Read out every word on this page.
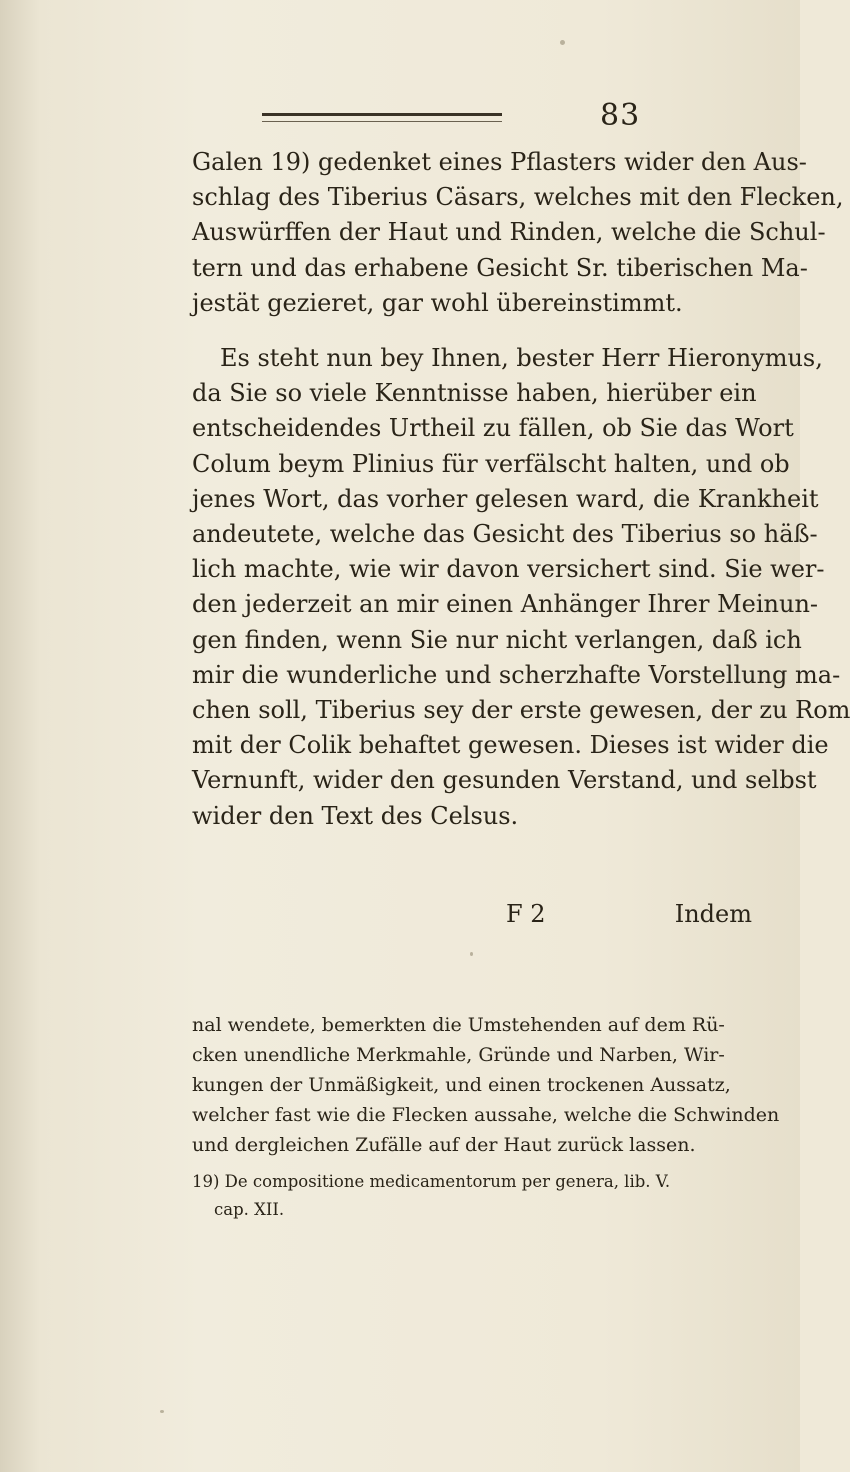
83
Galen 19) gedenket eines Pflasters wider den Aus-
schlag des Tiberius Cäsars, welches mit den Flecken,
Auswürffen der Haut und Rinden, welche die Schul-
tern und das erhabene Gesicht Sr. tiberischen Ma-
jestät gezieret, gar wohl übereinstimmt.
Es steht nun bey Ihnen, bester Herr Hieronymus,
da Sie so viele Kenntnisse haben, hierüber ein
entscheidendes Urtheil zu fällen, ob Sie das Wort
Colum beym Plinius für verfälscht halten, und ob
jenes Wort, das vorher gelesen ward, die Krankheit
andeutete, welche das Gesicht des Tiberius so häß-
lich machte, wie wir davon versichert sind. Sie wer-
den jederzeit an mir einen Anhänger Ihrer Meinun-
gen finden, wenn Sie nur nicht verlangen, daß ich
mir die wunderliche und scherzhafte Vorstellung ma-
chen soll, Tiberius sey der erste gewesen, der zu Rom
mit der Colik behaftet gewesen. Dieses ist wider die
Vernunft, wider den gesunden Verstand, und selbst
wider den Text des Celsus.
F 2	Indem
nal wendete, bemerkten die Umstehenden auf dem Rü-
cken unendliche Merkmahle, Gründe und Narben, Wir-
kungen der Unmäßigkeit, und einen trockenen Aussatz,
welcher fast wie die Flecken aussahe, welche die Schwinden
und dergleichen Zufälle auf der Haut zurück lassen.
19) De compositione medicamentorum per genera, lib. V.
cap. XII.
